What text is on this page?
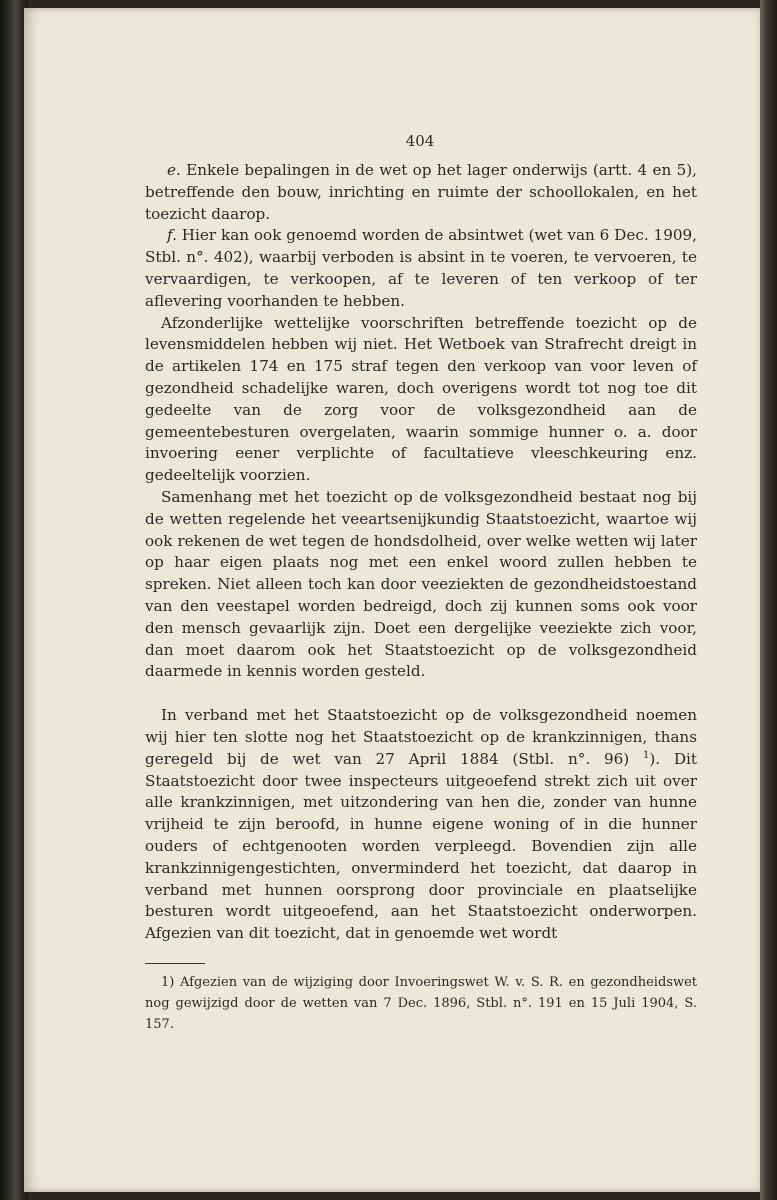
404

e. Enkele bepalingen in de wet op het lager onderwijs (artt. 4 en 5), betreffende den bouw, inrichting en ruimte der schoollokalen, en het toezicht daarop.

f. Hier kan ook genoemd worden de absintwet (wet van 6 Dec. 1909, Stbl. n°. 402), waarbij verboden is absint in te voeren, te vervoeren, te vervaardigen, te verkoopen, af te leveren of ten verkoop of ter aflevering voorhanden te hebben.

Afzonderlijke wettelijke voorschriften betreffende toezicht op de levensmiddelen hebben wij niet. Het Wetboek van Strafrecht dreigt in de artikelen 174 en 175 straf tegen den verkoop van voor leven of gezondheid schadelijke waren, doch overigens wordt tot nog toe dit gedeelte van de zorg voor de volksgezondheid aan de gemeentebesturen overgelaten, waarin sommige hunner o. a. door invoering eener verplichte of facultatieve vleeschkeuring enz. gedeeltelijk voorzien.

Samenhang met het toezicht op de volksgezondheid bestaat nog bij de wetten regelende het veeartsenijkundig Staatstoezicht, waartoe wij ook rekenen de wet tegen de hondsdolheid, over welke wetten wij later op haar eigen plaats nog met een enkel woord zullen hebben te spreken. Niet alleen toch kan door veeziekten de gezondheidstoestand van den veestapel worden bedreigd, doch zij kunnen soms ook voor den mensch gevaarlijk zijn. Doet een dergelijke veeziekte zich voor, dan moet daarom ook het Staatstoezicht op de volksgezondheid daarmede in kennis worden gesteld.

In verband met het Staatstoezicht op de volksgezondheid noemen wij hier ten slotte nog het Staatstoezicht op de krankzinnigen, thans geregeld bij de wet van 27 April 1884 (Stbl. n°. 96) $^1$). Dit Staatstoezicht door twee inspecteurs uitgeoefend strekt zich uit over alle krankzinnigen, met uitzondering van hen die, zonder van hunne vrijheid te zijn beroofd, in hunne eigene woning of in die hunner ouders of echtgenooten worden verpleegd. Bovendien zijn alle krankzinnigengestichten, onverminderd het toezicht, dat daarop in verband met hunnen oorsprong door provinciale en plaatselijke besturen wordt uitgeoefend, aan het Staatstoezicht onderworpen. Afgezien van dit toezicht, dat in genoemde wet wordt

1) Afgezien van de wijziging door Invoeringswet W. v. S. R. en gezondheidswet nog gewijzigd door de wetten van 7 Dec. 1896, Stbl. n°. 191 en 15 Juli 1904, S. 157.
